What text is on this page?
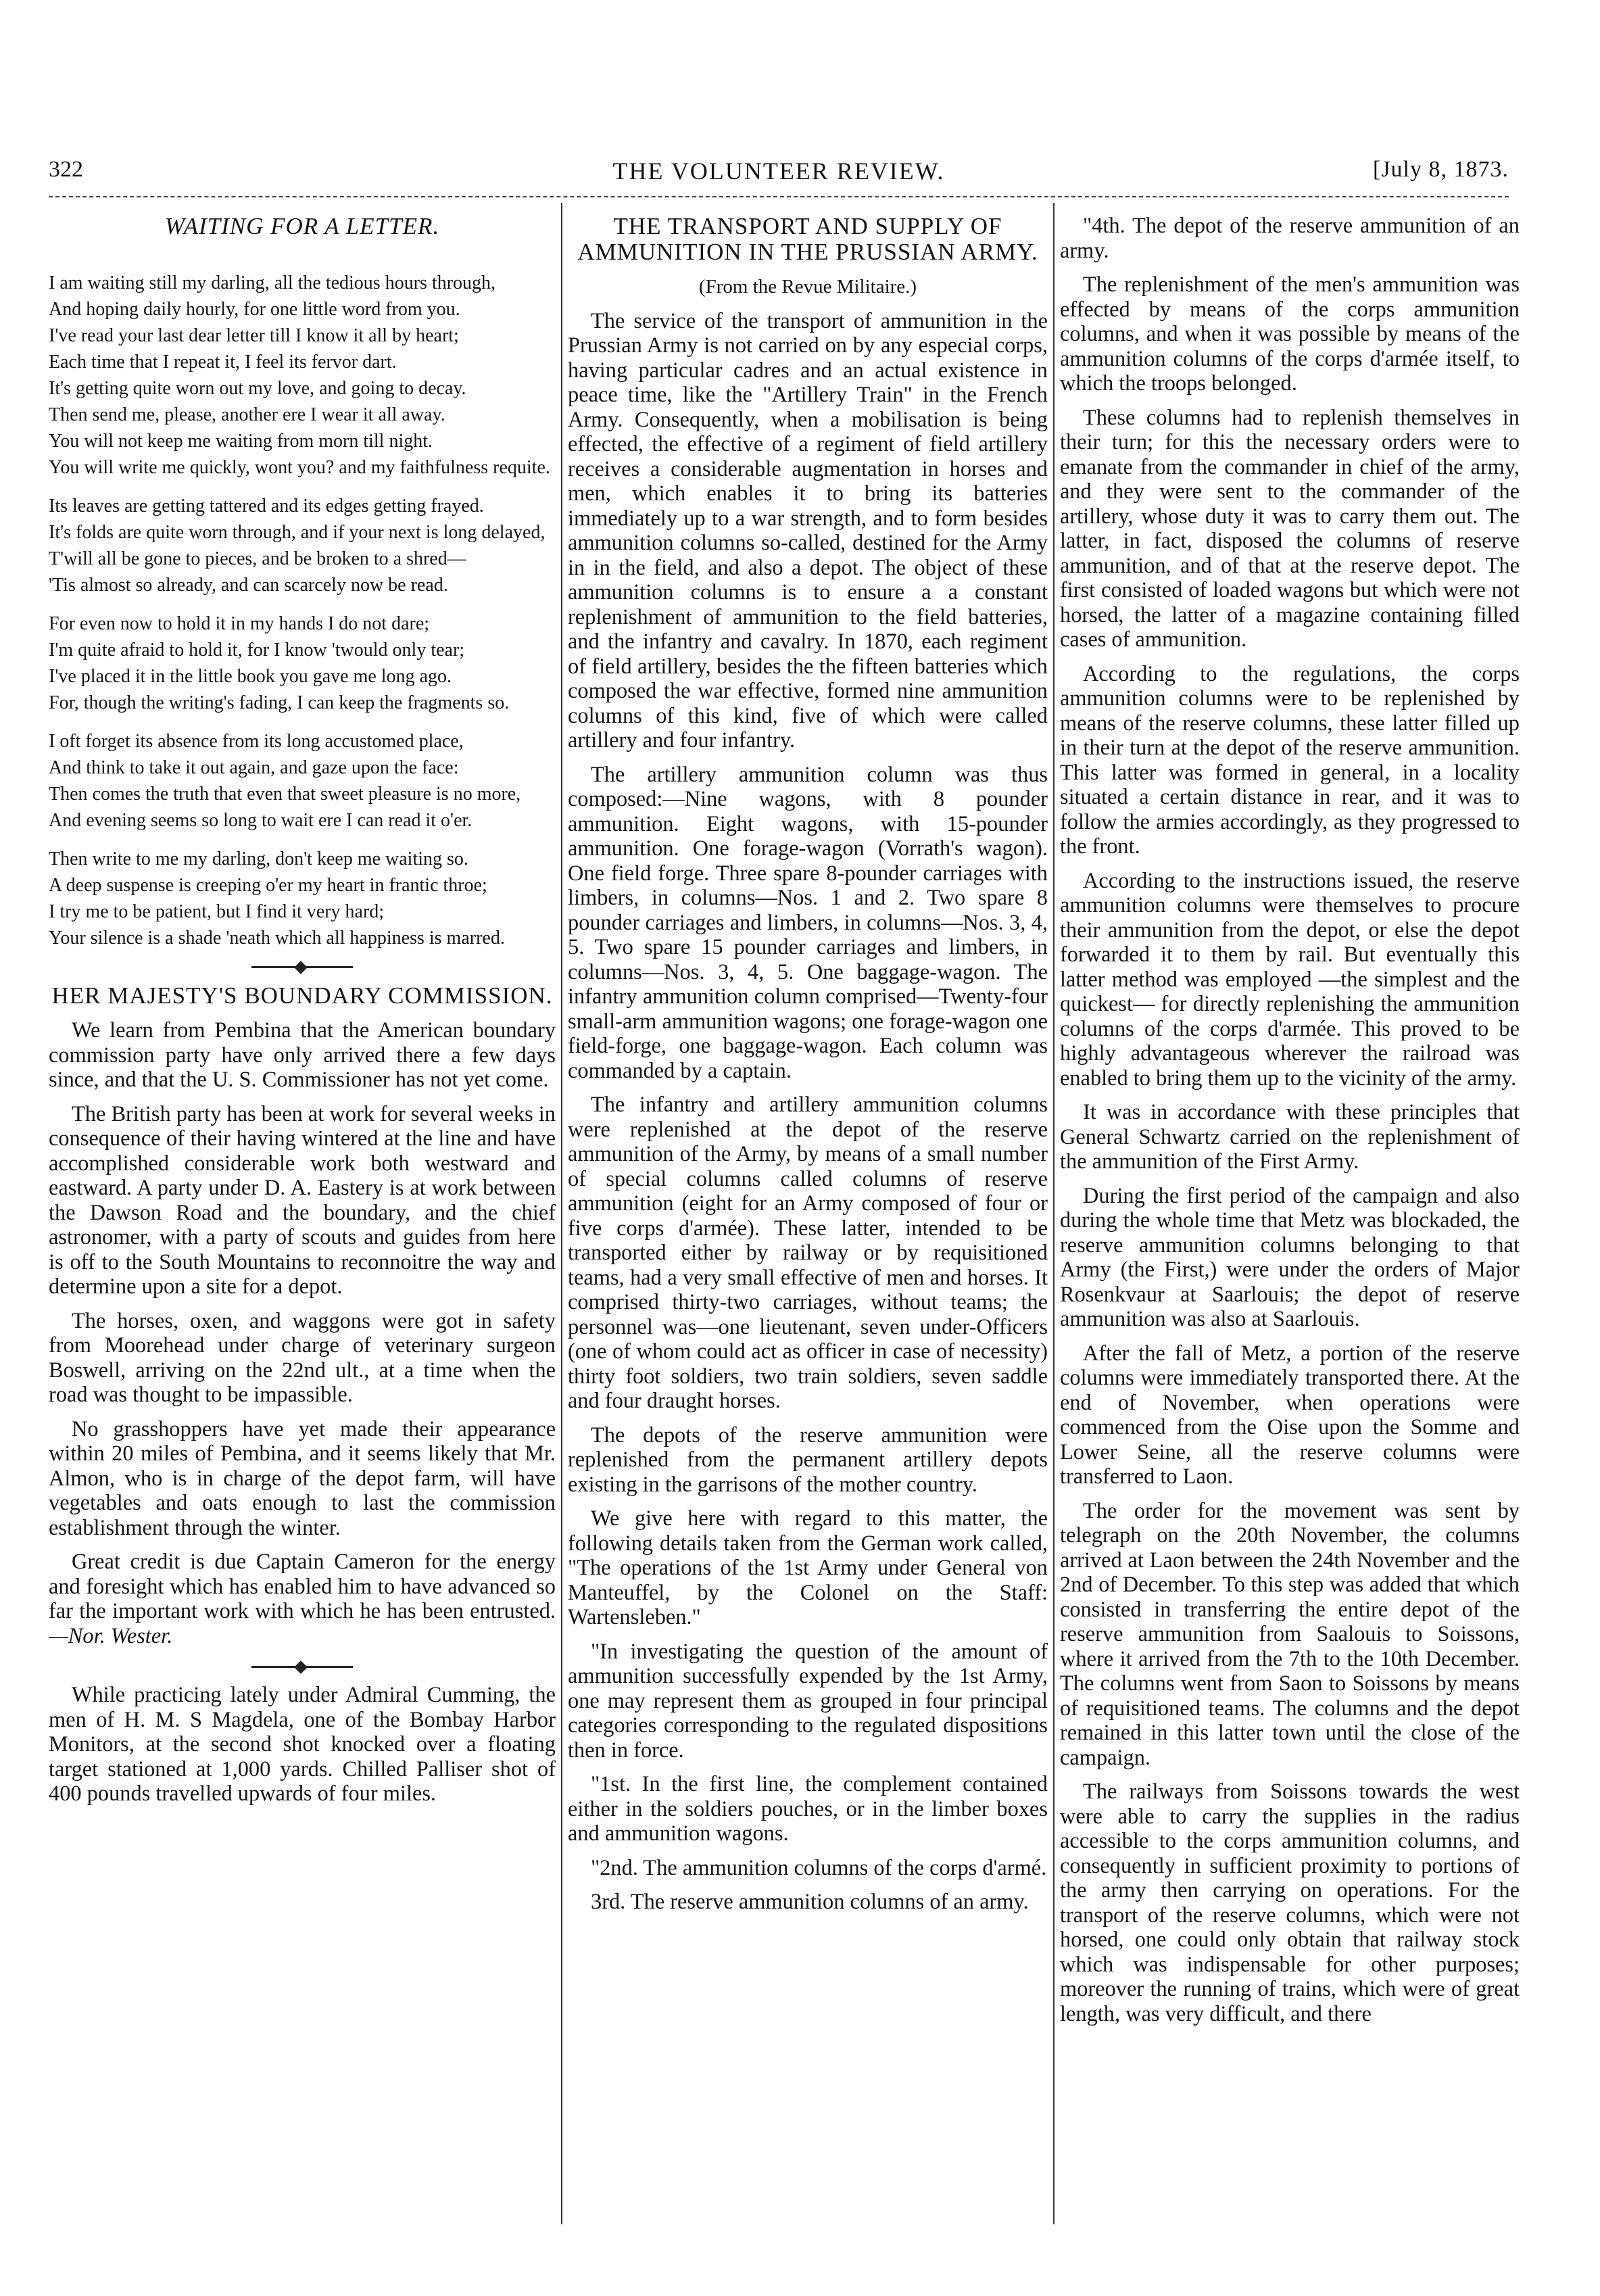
322	THE VOLUNTEER REVIEW.	[July 8, 1873.
WAITING FOR A LETTER.

I am waiting still my darling, all the tedious hours through,

And hoping daily hourly, for one little word from you.

I've read your last dear letter till I know it all by heart;

Each time that I repeat it, I feel its fervor dart.

It's getting quite worn out my love, and going to decay.

Then send me, please, another ere I wear it all away.

You will not keep me waiting from morn till night.

You will write me quickly, wont you? and my faithfulness requite.

Its leaves are getting tattered and its edges getting frayed.

It's folds are quite worn through, and if your next is long delayed,

T'will all be gone to pieces, and be broken to a shred—

'Tis almost so already, and can scarcely now be read.

For even now to hold it in my hands I do not dare;

I'm quite afraid to hold it, for I know 'twould only tear;

I've placed it in the little book you gave me long ago.

For, though the writing's fading, I can keep the fragments so.

I oft forget its absence from its long accustomed place,

And think to take it out again, and gaze upon the face:

Then comes the truth that even that sweet pleasure is no more,

And evening seems so long to wait ere I can read it o'er.

Then write to me my darling, don't keep me waiting so.

A deep suspense is creeping o'er my heart in frantic throe;

I try me to be patient, but I find it very hard;

Your silence is a shade 'neath which all happiness is marred.

HER MAJESTY'S BOUNDARY COMMISSION.

We learn from Pembina that the American boundary commission party have only arrived there a few days since, and that the U. S. Commissioner has not yet come.

The British party has been at work for several weeks in consequence of their having wintered at the line and have accomplished considerable work both westward and eastward. A party under D. A. Eastery is at work between the Dawson Road and the boundary, and the chief astronomer, with a party of scouts and guides from here is off to the South Mountains to reconnoitre the way and determine upon a site for a depot.

The horses, oxen, and waggons were got in safety from Moorehead under charge of veterinary surgeon Boswell, arriving on the 22nd ult., at a time when the road was thought to be impassible.

No grasshoppers have yet made their appearance within 20 miles of Pembina, and it seems likely that Mr. Almon, who is in charge of the depot farm, will have vegetables and oats enough to last the commission establishment through the winter.

Great credit is due Captain Cameron for the energy and foresight which has enabled him to have advanced so far the important work with which he has been entrusted.—Nor. Wester.

While practicing lately under Admiral Cumming, the men of H. M. S Magdela, one of the Bombay Harbor Monitors, at the second shot knocked over a floating target stationed at 1,000 yards. Chilled Palliser shot of 400 pounds travelled upwards of four miles.

THE TRANSPORT AND SUPPLY OF AMMUNITION IN THE PRUSSIAN ARMY.
(From the Revue Militaire.)

The service of the transport of ammunition in the Prussian Army is not carried on by any especial corps, having particular cadres and an actual existence in peace time, like the "Artillery Train" in the French Army. Consequently, when a mobilisation is being effected, the effective of a regiment of field artillery receives a considerable augmentation in horses and men, which enables it to bring its batteries immediately up to a war strength, and to form besides ammunition columns so-called, destined for the Army in in the field, and also a depot. The object of these ammunition columns is to ensure a a constant replenishment of ammunition to the field batteries, and the infantry and cavalry. In 1870, each regiment of field artillery, besides the the fifteen batteries which composed the war effective, formed nine ammunition columns of this kind, five of which were called artillery and four infantry.

The artillery ammunition column was thus composed:—Nine wagons, with 8 pounder ammunition. Eight wagons, with 15-pounder ammunition. One forage-wagon (Vorrath's wagon). One field forge. Three spare 8-pounder carriages with limbers, in columns—Nos. 1 and 2. Two spare 8 pounder carriages and limbers, in columns—Nos. 3, 4, 5. Two spare 15 pounder carriages and limbers, in columns—Nos. 3, 4, 5. One baggage-wagon. The infantry ammunition column comprised—Twenty-four small-arm ammunition wagons; one forage-wagon one field-forge, one baggage-wagon. Each column was commanded by a captain.

The infantry and artillery ammunition columns were replenished at the depot of the reserve ammunition of the Army, by means of a small number of special columns called columns of reserve ammunition (eight for an Army composed of four or five corps d'armée). These latter, intended to be transported either by railway or by requisitioned teams, had a very small effective of men and horses. It comprised thirty-two carriages, without teams; the personnel was—one lieutenant, seven under-Officers (one of whom could act as officer in case of necessity) thirty foot soldiers, two train soldiers, seven saddle and four draught horses.

The depots of the reserve ammunition were replenished from the permanent artillery depots existing in the garrisons of the mother country.

We give here with regard to this matter, the following details taken from the German work called, "The operations of the 1st Army under General von Manteuffel, by the Colonel on the Staff: Wartensleben."

"In investigating the question of the amount of ammunition successfully expended by the 1st Army, one may represent them as grouped in four principal categories corresponding to the regulated dispositions then in force.

"1st. In the first line, the complement contained either in the soldiers pouches, or in the limber boxes and ammunition wagons.

"2nd. The ammunition columns of the corps d'armé.

3rd. The reserve ammunition columns of an army.

"4th. The depot of the reserve ammunition of an army.

The replenishment of the men's ammunition was effected by means of the corps ammunition columns, and when it was possible by means of the ammunition columns of the corps d'armée itself, to which the troops belonged.

These columns had to replenish themselves in their turn; for this the necessary orders were to emanate from the commander in chief of the army, and they were sent to the commander of the artillery, whose duty it was to carry them out. The latter, in fact, disposed the columns of reserve ammunition, and of that at the reserve depot. The first consisted of loaded wagons but which were not horsed, the latter of a magazine containing filled cases of ammunition.

According to the regulations, the corps ammunition columns were to be replenished by means of the reserve columns, these latter filled up in their turn at the depot of the reserve ammunition. This latter was formed in general, in a locality situated a certain distance in rear, and it was to follow the armies accordingly, as they progressed to the front.

According to the instructions issued, the reserve ammunition columns were themselves to procure their ammunition from the depot, or else the depot forwarded it to them by rail. But eventually this latter method was employed —the simplest and the quickest— for directly replenishing the ammunition columns of the corps d'armée. This proved to be highly advantageous wherever the railroad was enabled to bring them up to the vicinity of the army.

It was in accordance with these principles that General Schwartz carried on the replenishment of the ammunition of the First Army.

During the first period of the campaign and also during the whole time that Metz was blockaded, the reserve ammunition columns belonging to that Army (the First,) were under the orders of Major Rosenkvaur at Saarlouis; the depot of reserve ammunition was also at Saarlouis.

After the fall of Metz, a portion of the reserve columns were immediately transported there. At the end of November, when operations were commenced from the Oise upon the Somme and Lower Seine, all the reserve columns were transferred to Laon.

The order for the movement was sent by telegraph on the 20th November, the columns arrived at Laon between the 24th November and the 2nd of December. To this step was added that which consisted in transferring the entire depot of the reserve ammunition from Saalouis to Soissons, where it arrived from the 7th to the 10th December. The columns went from Saon to Soissons by means of requisitioned teams. The columns and the depot remained in this latter town until the close of the campaign.

The railways from Soissons towards the west were able to carry the supplies in the radius accessible to the corps ammunition columns, and consequently in sufficient proximity to portions of the army then carrying on operations. For the transport of the reserve columns, which were not horsed, one could only obtain that railway stock which was indispensable for other purposes; moreover the running of trains, which were of great length, was very difficult, and there
